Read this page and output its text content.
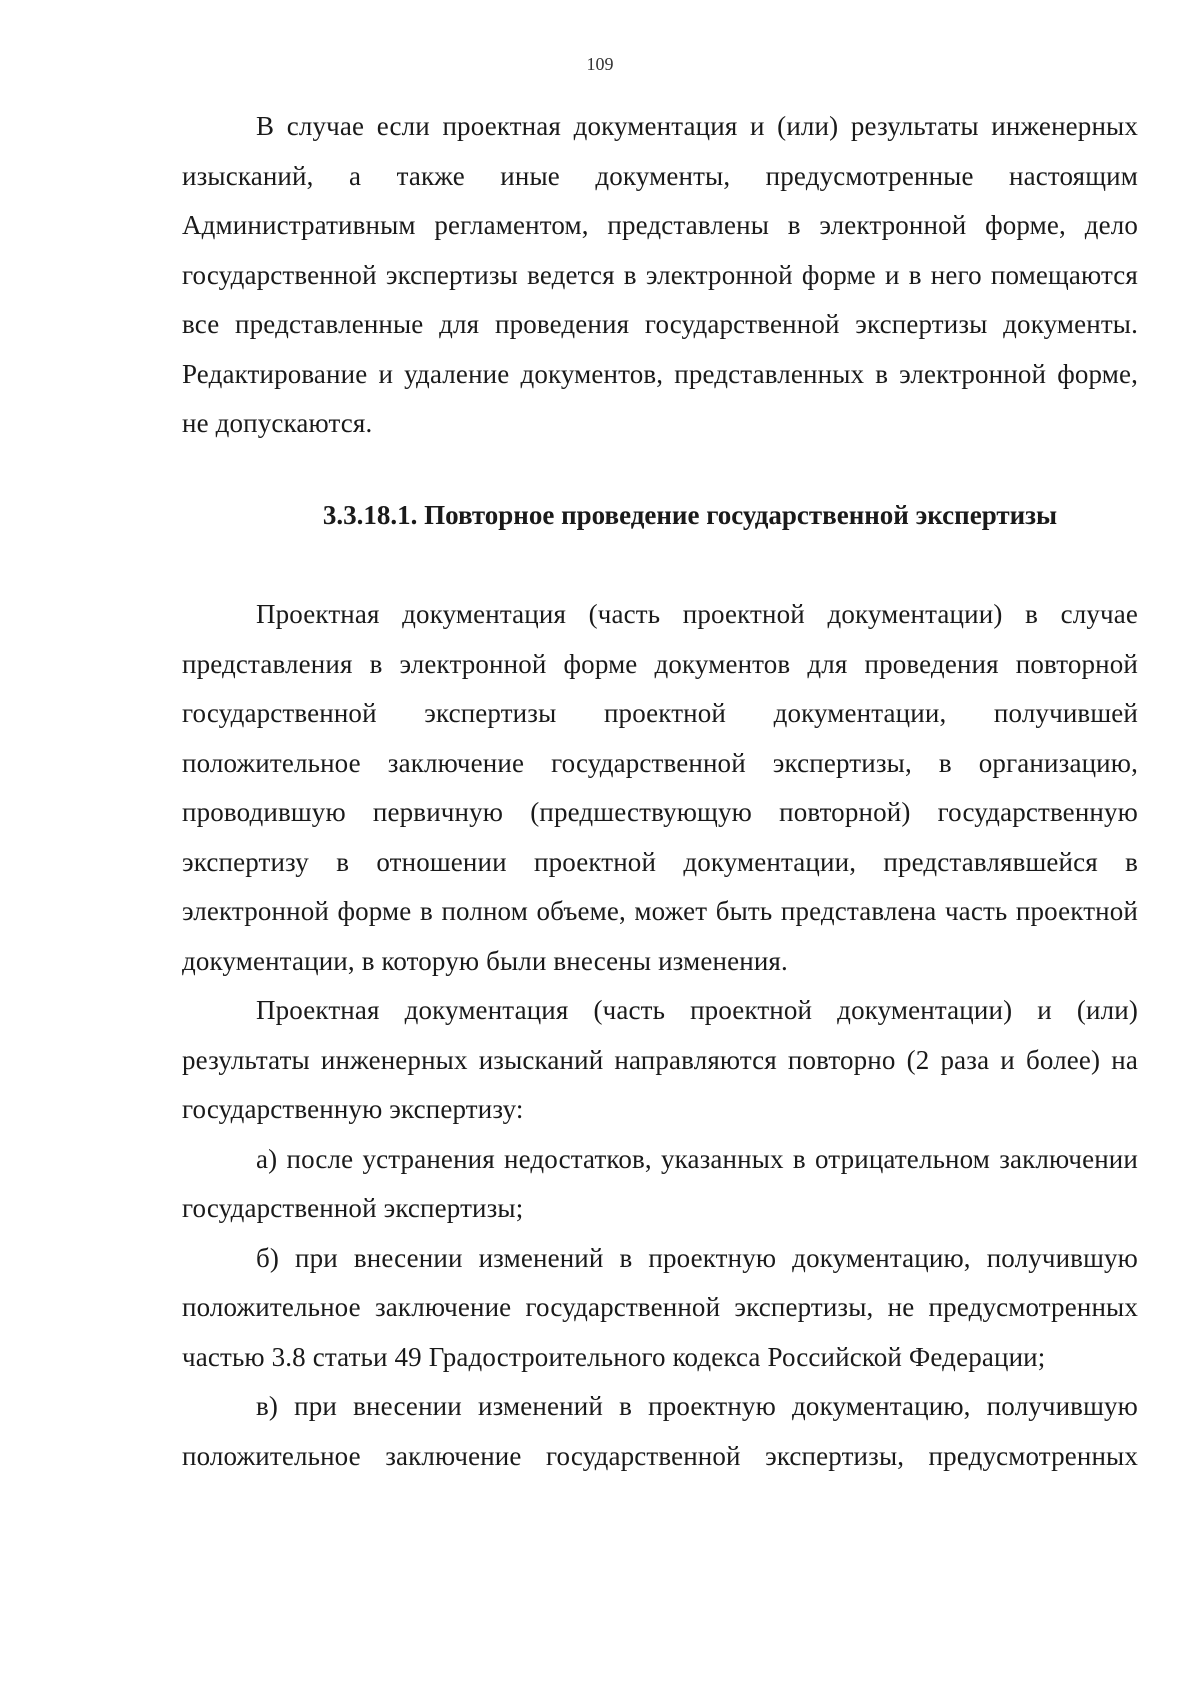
109

В случае если проектная документация и (или) результаты инженерных изысканий, а также иные документы, предусмотренные настоящим Административным регламентом, представлены в электронной форме, дело государственной экспертизы ведется в электронной форме и в него помещаются все представленные для проведения государственной экспертизы документы. Редактирование и удаление документов, представленных в электронной форме, не допускаются.

3.3.18.1. Повторное проведение государственной экспертизы

Проектная документация (часть проектной документации) в случае представления в электронной форме документов для проведения повторной государственной экспертизы проектной документации, получившей положительное заключение государственной экспертизы, в организацию, проводившую первичную (предшествующую повторной) государственную экспертизу в отношении проектной документации, представлявшейся в электронной форме в полном объеме, может быть представлена часть проектной документации, в которую были внесены изменения.

Проектная документация (часть проектной документации) и (или) результаты инженерных изысканий направляются повторно (2 раза и более) на государственную экспертизу:

а) после устранения недостатков, указанных в отрицательном заключении государственной экспертизы;

б) при внесении изменений в проектную документацию, получившую положительное заключение государственной экспертизы, не предусмотренных частью 3.8 статьи 49 Градостроительного кодекса Российской Федерации;

в) при внесении изменений в проектную документацию, получившую положительное заключение государственной экспертизы, предусмотренных
